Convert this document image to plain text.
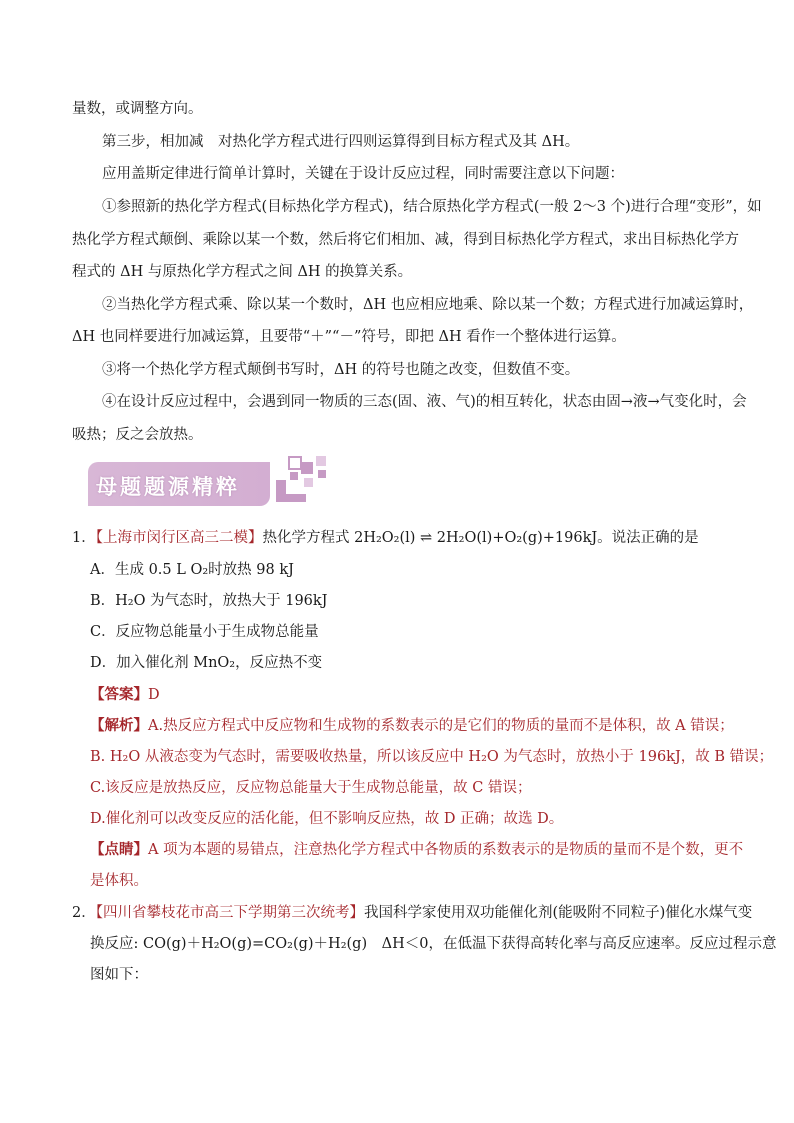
量数，或调整方向。
第三步，相加减　对热化学方程式进行四则运算得到目标方程式及其 ΔH。
应用盖斯定律进行简单计算时，关键在于设计反应过程，同时需要注意以下问题：
①参照新的热化学方程式(目标热化学方程式)，结合原热化学方程式(一般 2～3 个)进行合理“变形”，如
热化学方程式颠倒、乘除以某一个数，然后将它们相加、减，得到目标热化学方程式，求出目标热化学方
程式的 ΔH 与原热化学方程式之间 ΔH 的换算关系。
②当热化学方程式乘、除以某一个数时，ΔH 也应相应地乘、除以某一个数；方程式进行加减运算时，
ΔH 也同样要进行加减运算，且要带“＋”“－”符号，即把 ΔH 看作一个整体进行运算。
③将一个热化学方程式颠倒书写时，ΔH 的符号也随之改变，但数值不变。
④在设计反应过程中，会遇到同一物质的三态(固、液、气)的相互转化，状态由固→液→气变化时，会
吸热；反之会放热。
母题题源精粹
1．【上海市闵行区高三二模】热化学方程式 2H₂O₂(l) ⇌ 2H₂O(l)+O₂(g)+196kJ。说法正确的是
A．生成 0.5 L O₂时放热 98 kJ
B．H₂O 为气态时，放热大于 196kJ
C．反应物总能量小于生成物总能量
D．加入催化剂 MnO₂，反应热不变
【答案】D
【解析】A.热反应方程式中反应物和生成物的系数表示的是它们的物质的量而不是体积，故 A 错误；
B. H₂O 从液态变为气态时，需要吸收热量，所以该反应中 H₂O 为气态时，放热小于 196kJ，故 B 错误；
C.该反应是放热反应，反应物总能量大于生成物总能量，故 C 错误；
D.催化剂可以改变反应的活化能，但不影响反应热，故 D 正确；故选 D。
【点睛】A 项为本题的易错点，注意热化学方程式中各物质的系数表示的是物质的量而不是个数，更不
是体积。
2．【四川省攀枝花市高三下学期第三次统考】我国科学家使用双功能催化剂(能吸附不同粒子)催化水煤气变
换反应: CO(g)＋H₂O(g)=CO₂(g)＋H₂(g)　ΔH＜0，在低温下获得高转化率与高反应速率。反应过程示意
图如下：
